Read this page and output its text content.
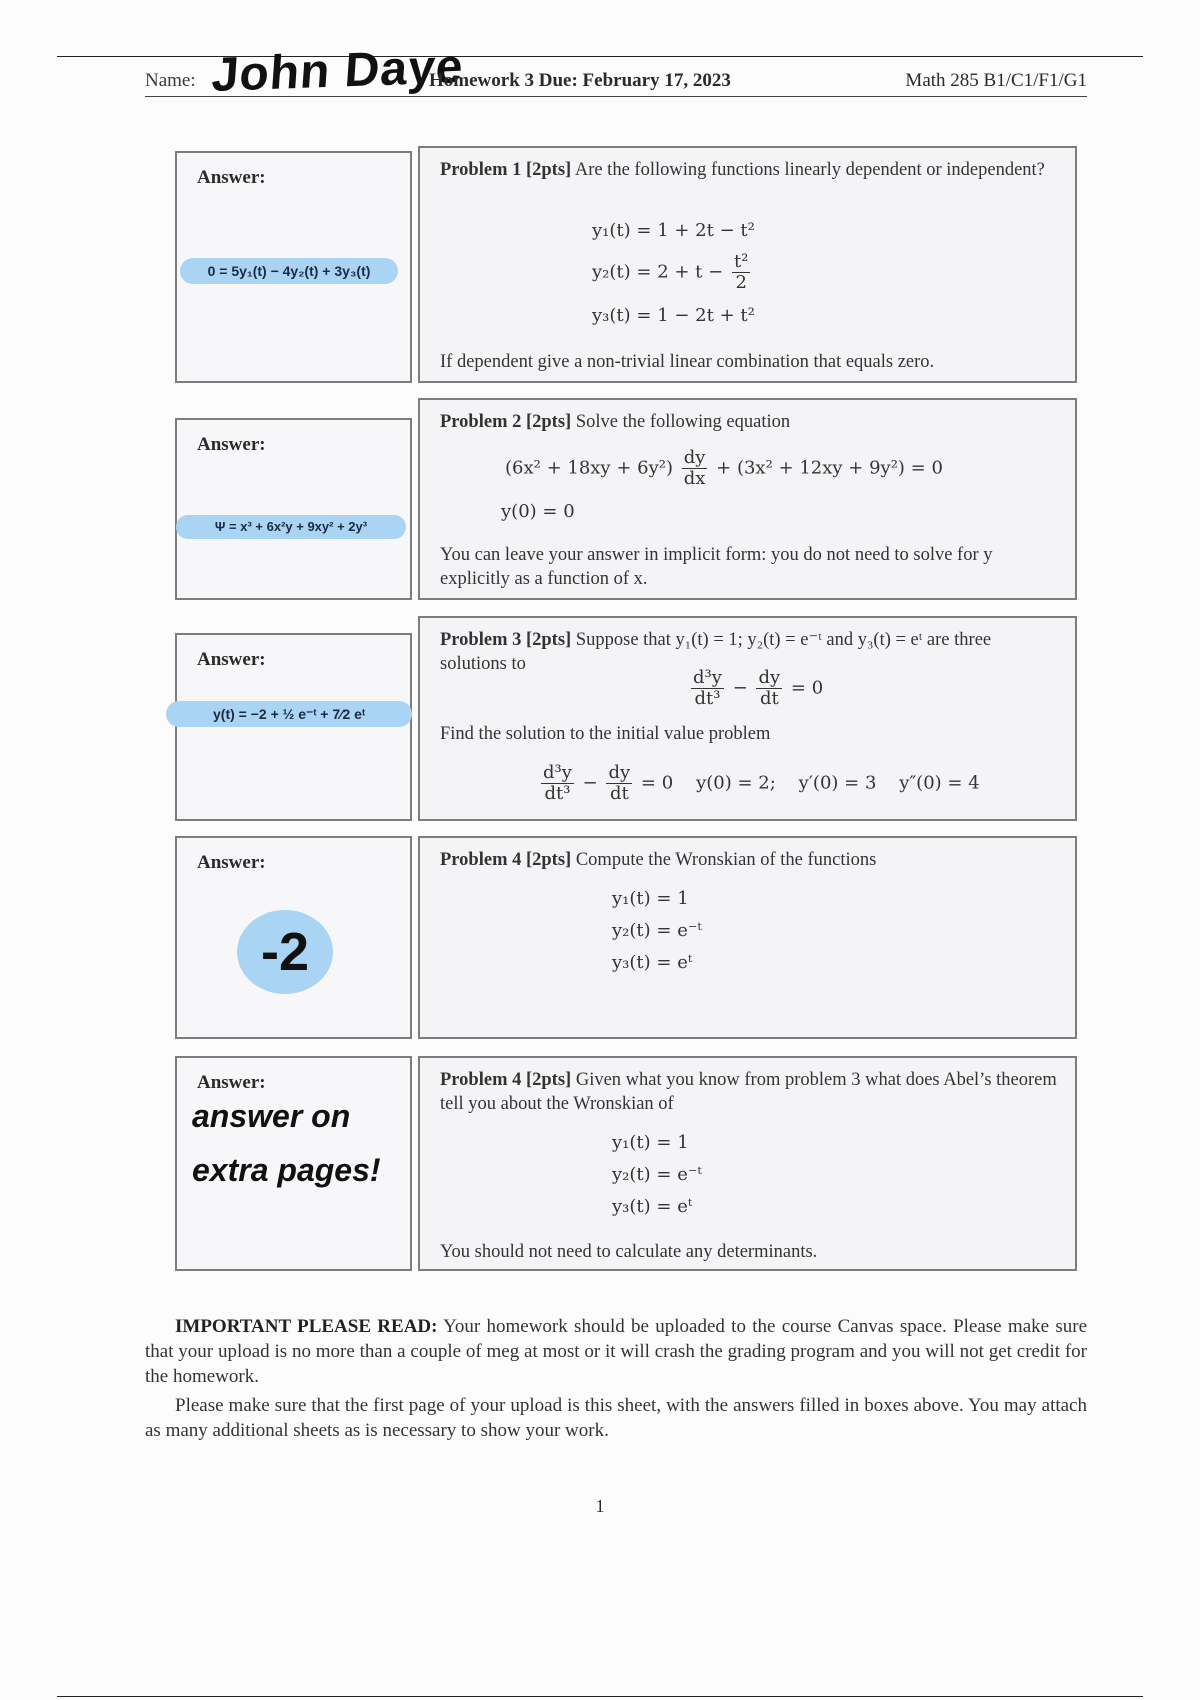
Name: John Daye
Homework 3 Due: February 17, 2023	Math 285 B1/C1/F1/G1
Answer:
0 = 5y₁(t) − 4y₂(t) + 3y₃(t)
Problem 1 [2pts] Are the following functions linearly dependent or independent?
y₁(t) = 1 + 2t − t²
$y_2(t) = 2 + t - \frac{\text{t²}}{2}$
y₃(t) = 1 − 2t + t²
If dependent give a non-trivial linear combination that equals zero.
Answer:
Ψ = x³ + 6x²y + 9xy² + 2y³
Problem 2 [2pts] Solve the following equation
$(6x^2 + 18xy + 6y^2) \frac{dy}{dx} + (3x^2 + 12xy + 9y^2) = 0$
y(0) = 0
You can leave your answer in implicit form: you do not need to solve for y explicitly as a function of x.
Answer:
y(t) = −2 + ½ e⁻ᵗ + 7⁄2 eᵗ
Problem 3 [2pts] Suppose that y₁(t) = 1; y₂(t) = e⁻ᵗ and y₃(t) = eᵗ are three solutions to
$\frac{\text{d³y}}{\text{dt³}} - \frac{dy}{dt} = 0$
Find the solution to the initial value problem
$\frac{\text{d³y}}{\text{dt³}} - \frac{dy}{dt} = 0$    y(0) = 2;    y′(0) = 3    y″(0) = 4
Answer:
-2
Problem 4 [2pts] Compute the Wronskian of the functions
y₁(t) = 1
y₂(t) = e⁻ᵗ
y₃(t) = eᵗ
Answer:
answer on
extra pages!
Problem 4 [2pts] Given what you know from problem 3 what does Abel’s theorem tell you about the Wronskian of
y₁(t) = 1
y₂(t) = e⁻ᵗ
y₃(t) = eᵗ
You should not need to calculate any determinants.
IMPORTANT PLEASE READ: Your homework should be uploaded to the course Canvas space. Please make sure that your upload is no more than a couple of meg at most or it will crash the grading program and you will not get credit for the homework.
Please make sure that the first page of your upload is this sheet, with the answers filled in boxes above. You may attach as many additional sheets as is necessary to show your work.
1
